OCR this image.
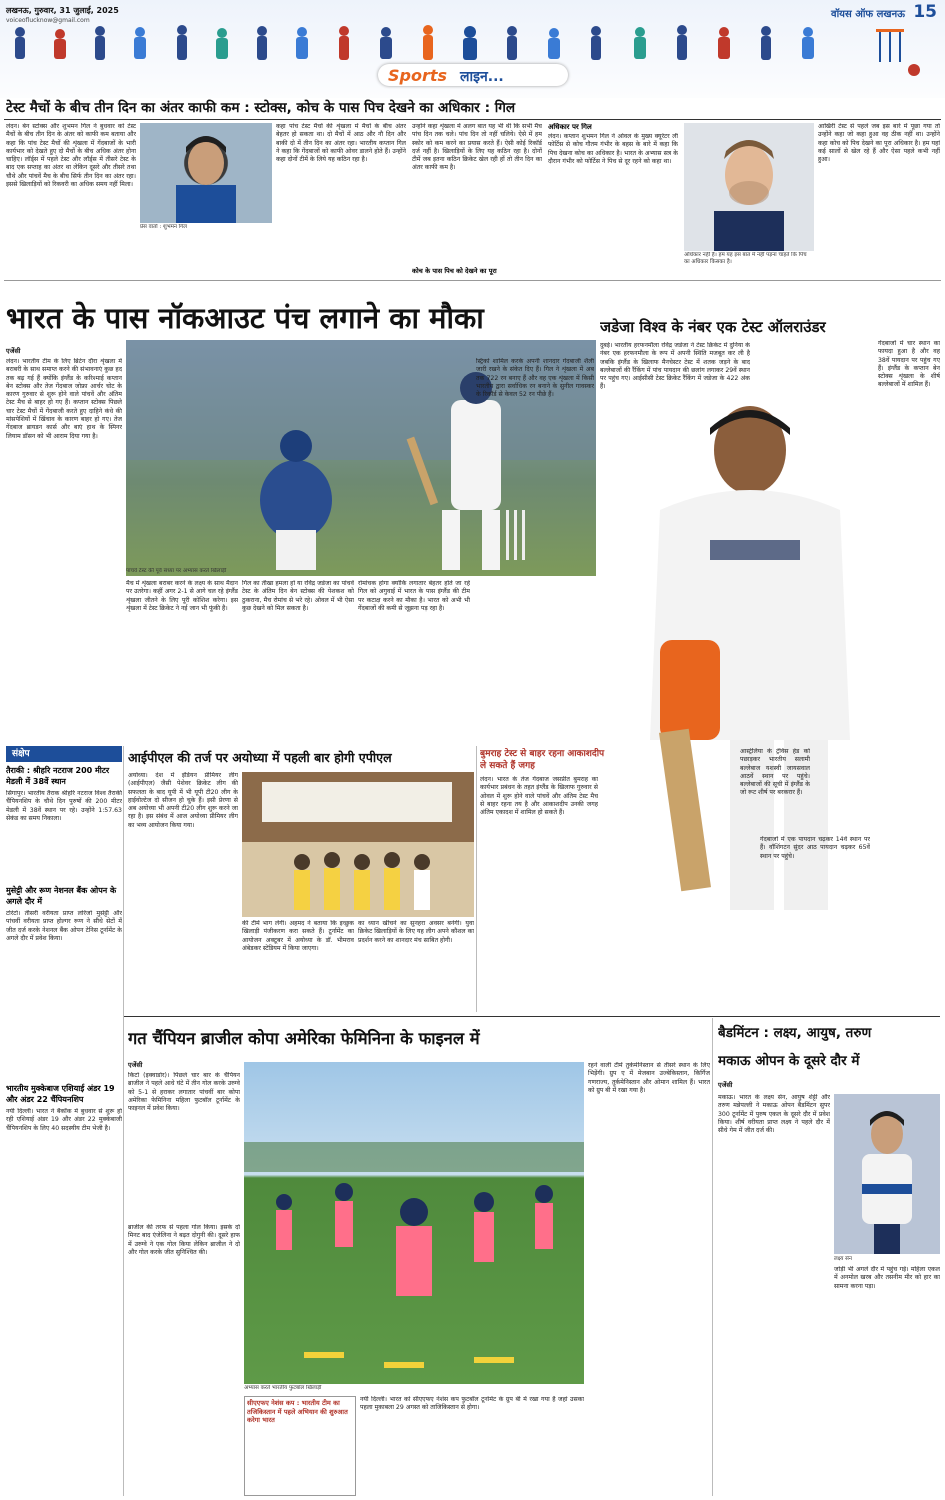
लखनऊ, गुरुवार, 31 जुलाई, 2025
voiceoflucknow@gmail.com
वॉयस ऑफ लखनऊ 15
Sports लाइन...
टेस्ट मैचों के बीच तीन दिन का अंतर काफी कम : स्टोक्स, कोच के पास पिच देखने का अधिकार : गिल
लंदन। बेन स्टोक्स और शुभमन गिल ने बुधवार को टेस्ट मैचों के बीच तीन दिन के अंतर को काफी कम बताया और कहा कि पांच टेस्ट मैचों की शृंखला में गेंदबाजों के भारी कार्यभार को देखते हुए दो मैचों के बीच अधिक अंतर होना चाहिए। लॉर्ड्स में पहले टेस्ट और लॉर्ड्स में तीसरे टेस्ट के बाद एक सप्ताह का अंतर था लेकिन दूसरे और तीसरे तथा चौथे और पांचवें मैच के बीच सिर्फ तीन दिन का अंतर रहा। इससे खिलाड़ियों को रिकवरी का अधिक समय नहीं मिला।
प्रेस वार्ता : शुभमन गिल
कहा पांच टेस्ट मैचों की शृंखला में मैचों के बीच अंतर बेहतर हो सकता था। दो मैचों में आठ और नौ दिन और बाकी दो में तीन दिन का अंतर रहा। भारतीय कप्तान गिल ने कहा कि गेंदबाजों को काफी ओवर डालने होते हैं। उन्होंने कहा दोनों टीमें के लिये यह कठिन रहा है।
उन्होंने कहा शृंखला में अलग बात यह भी थी कि सभी मैच पांच दिन तक चले। पांच दिन तो नहीं चलिये। ऐसे में हम स्कोर को कम करने का प्रयास करते हैं। ऐसी कोई रिकॉर्ड दर्ज नहीं है। खिलाड़ियों के लिए यह कठिन रहा है। दोनों टीमें जब इतना कठिन क्रिकेट खेल रही हों तो तीन दिन का अंतर काफी कम है।
कोच के पास पिच को देखने का पूरा
अधिकार पर गिल
लंदन। कप्तान शुभमन गिल ने ओवल के मुख्य क्यूरेटर ली फोर्टिस से कोच गौतम गंभीर के बहस के बारे में कहा कि पिच देखना कोच का अधिकार है। भारत के अभ्यास सत्र के दौरान गंभीर को फोर्टिस ने पिच से दूर रहने को कहा था।
अधिकार नहीं है। हम यह इस बात में नहीं पड़ना चाहते कि पिच का अधिकार किसका है।
आखिरी टेस्ट से पहले जब इस बारे में पूछा गया तो उन्होंने कहा जो कहा हुआ वह ठीक नहीं था। उन्होंने कहा कोच को पिच देखने का पूरा अधिकार है। हम यहां कई सालों से खेल रहे हैं और ऐसा पहले कभी नहीं हुआ।
भारत के पास नॉकआउट पंच लगाने का मौका
एजेंसी
लंदन। भारतीय टीम के लिए ब्रिटेन दौरा शृंखला में बराबरी के साथ समाप्त करने की संभावनाएं कुछ हद तक बढ़ गई हैं क्योंकि इंग्लैंड के करिश्माई कप्तान बेन स्टोक्स और तेज गेंदबाज जोफ्रा आर्चर चोट के कारण गुरुवार से शुरू होने वाले पांचवें और अंतिम टेस्ट मैच से बाहर हो गए हैं। कप्तान स्टोक्स पिछले चार टेस्ट मैचों में गेंदबाजी करते हुए दाहिने कंधे की मांसपेशियों में खिंचाव के कारण बाहर हो गए। तेज गेंदबाज ब्रायडन कार्स और बाएं हाथ के स्पिनर लियाम डॉसन को भी आराम दिया गया है।
मैच में शृंखला बराबर करने के लक्ष्य के साथ मैदान पर उतरेगा। कहीं अगर 2-1 से आगे चल रहे इंग्लैंड शृंखला जीतने के लिए पूरी कोशिश करेगा। इस शृंखला में टेस्ट क्रिकेट ने नई जान भी फूंकी है।
गिल का तीखा हमला हो या रविंद्र जडेजा का पांचवें टेस्ट के अंतिम दिन बेन स्टोक्स की पेशकश को ठुकराना, मैच रोमांच से भरे रहे। ओवल में भी ऐसा कुछ देखने को मिल सकता है।
रोमांचक होगा क्योंकि लगातार बेहतर होते जा रहे गिल को अगुवाई में भारत के पास इंग्लैंड की टीम पर कटाक्ष करने का मौका है। भारत को अभी भी गेंदबाजों की कमी से जूझना पड़ रहा है।
स्ट्रिको शामिल करके अपनी शानदार गेंदबाजी शैली जारी रखने के संकेत दिए हैं। गिल ने शृंखला में अब तक 722 रन बनाए हैं और वह एक शृंखला में किसी भारतीय द्वारा सर्वाधिक रन बनाने के सुनील गावस्कर के रिकॉर्ड से केवल 52 रन पीछे हैं।
पांचवें टेस्ट की पूर्व संध्या पर अभ्यास करते खिलाड़ी
जडेजा विश्व के नंबर एक टेस्ट ऑलराउंडर
दुबई। भारतीय हरफनमौला रविंद्र जडेजा ने टेस्ट क्रिकेट में दुनिया के नंबर एक हरफनमौला के रूप में अपनी स्थिति मजबूत कर ली है जबकि इंग्लैंड के खिलाफ मैनचेस्टर टेस्ट में शतक जड़ने के बाद बल्लेबाजों की रैंकिंग में पांच पायदान की छलांग लगाकर 29वें स्थान पर पहुंच गए। आईसीसी टेस्ट क्रिकेट रैंकिंग में जडेजा के 422 अंक हैं।
गेंदबाजों में चार स्थान का फायदा हुआ है और वह 38वें पायदान पर पहुंच गए हैं। इंग्लैंड के कप्तान बेन स्टोक्स शृंखला के शीर्ष बल्लेबाजों में शामिल हैं।
आस्ट्रेलिया के ट्रेविस हेड को पछाड़कर भारतीय सलामी बल्लेबाज यशस्वी जायसवाल आठवें स्थान पर पहुंचे। बल्लेबाजों की सूची में इंग्लैंड के जो रूट शीर्ष पर बरकरार हैं।
गेंदबाजों में एक पायदान चढ़कर 14वें स्थान पर हैं। वॉशिंगटन सुंदर आठ पायदान चढ़कर 65वें स्थान पर पहुंचे।
संक्षेप
तैराकी : श्रीहरि नटराज 200 मीटर मेडली में 38वें स्थान
सिंगापुर। भारतीय तैराक श्रीहरि नटराज विश्व तैराकी चैंपियनशिप के चौथे दिन पुरुषों की 200 मीटर मेडली में 38वें स्थान पर रहे। उन्होंने 1:57.63 सेकंड का समय निकाला।
मुसेट्टी और रूण नेशनल बैंक ओपन के अगले दौर में
टोरंटो। तीसरी वरीयता प्राप्त लोरेंजो मुसेट्टी और पांचवीं वरीयता प्राप्त होल्गर रूण ने सीधे सेटों में जीत दर्ज करके नेशनल बैंक ओपन टेनिस टूर्नामेंट के अगले दौर में प्रवेश किया।
भारतीय मुक्केबाज एशियाई अंडर 19 और अंडर 22 चैंपियनशिप
नयी दिल्ली। भारत ने बैंकॉक में बुधवार से शुरू हो रही एशियाई अंडर 19 और अंडर 22 मुक्केबाजी चैंपियनशिप के लिए 40 सदस्यीय टीम भेजी है।
आईपीएल की तर्ज पर अयोध्या में पहली बार होगी एपीएल
अयोध्या। देश में इंडियन प्रीमियर लीग (आईपीएल) जैसी पेशेवर क्रिकेट लीग की सफलता के बाद यूपी में भी यूपी टी20 लीग के हाईवोल्टेज दो सीजन हो चुके हैं। इसी प्रेरणा से अब अयोध्या भी अपनी टी20 लीग शुरू करने जा रहा है। इस संबंध में आज अयोध्या प्रीमियर लीग का भव्य आयोजन किया गया।
की टीमें भाग लेंगी। अहमद ने बताया कि इच्छुक खिलाड़ी पंजीकरण करा सकते हैं। टूर्नामेंट का आयोजन अक्टूबर में अयोध्या के डॉ. भीमराव अंबेडकर स्टेडियम में किया जाएगा।
का ध्यान खींचने का सुनहरा अवसर बनेगी। युवा क्रिकेट खिलाड़ियों के लिए यह लीग अपने कौशल का प्रदर्शन करने का शानदार मंच साबित होगी।
बुमराह टेस्ट से बाहर रहना आकाशदीप ले सकते हैं जगह
लंदन। भारत के तेज गेंदबाज जसप्रीत बुमराह का कार्यभार प्रबंधन के तहत इंग्लैंड के खिलाफ गुरुवार से ओवल में शुरू होने वाले पांचवें और अंतिम टेस्ट मैच से बाहर रहना तय है और आकाशदीप उनकी जगह अंतिम एकादश में शामिल हो सकते हैं।
गत चैंपियन ब्राजील कोपा अमेरिका फेमिनिना के फाइनल में
एजेंसी
किटो (इक्वाडोर)। पिछले चार बार के चैंपियन ब्राजील ने पहले आधे घंटे में तीन गोल करके उरुग्वे को 5-1 से हराकर लगातार पांचवीं बार कोपा अमेरिका फेमिनिना महिला फुटबॉल टूर्नामेंट के फाइनल में प्रवेश किया।
ब्राजील की तरफ से पहला गोल किया। इसके दो मिनट बाद एंजेलिना ने बढ़त दोगुनी की। दूसरे हाफ में उरुग्वे ने एक गोल किया लेकिन ब्राजील ने दो और गोल करके जीत सुनिश्चित की।
अभ्यास करते भारतीय फुटबॉल खिलाड़ी
सीएएफए नेशंस कप : भारतीय टीम का तजिकिस्तान में पहले अभियान की शुरुआत करेगा भारत
नयी दिल्ली। भारत को सीएएफए नेशंस कप फुटबॉल टूर्नामेंट के ग्रुप बी में रखा गया है जहां उसका पहला मुकाबला 29 अगस्त को ताजिकिस्तान से होगा।
रहने वाली टीमें तुर्कमेनिस्तान से तीसरे स्थान के लिए भिड़ेंगी। ग्रुप ए में मेजबान उज्बेकिस्तान, किर्गिज गणराज्य, तुर्कमेनिस्तान और ओमान शामिल हैं। भारत को ग्रुप बी में रखा गया है।
बैडमिंटन : लक्ष्य, आयुष, तरुण
मकाऊ ओपन के दूसरे दौर में
एजेंसी
मकाऊ। भारत के लक्ष्य सेन, आयुष शेट्टी और तरुण मन्नेपल्ली ने मकाऊ ओपन बैडमिंटन सुपर 300 टूर्नामेंट में पुरुष एकल के दूसरे दौर में प्रवेश किया। शीर्ष वरीयता प्राप्त लक्ष्य ने पहले दौर में सीधे गेम में जीत दर्ज की।
लक्ष्य सेन
जोड़ी भी अगले दौर में पहुंच गई। महिला एकल में अनमोल खरब और तसनीम मीर को हार का सामना करना पड़ा।
